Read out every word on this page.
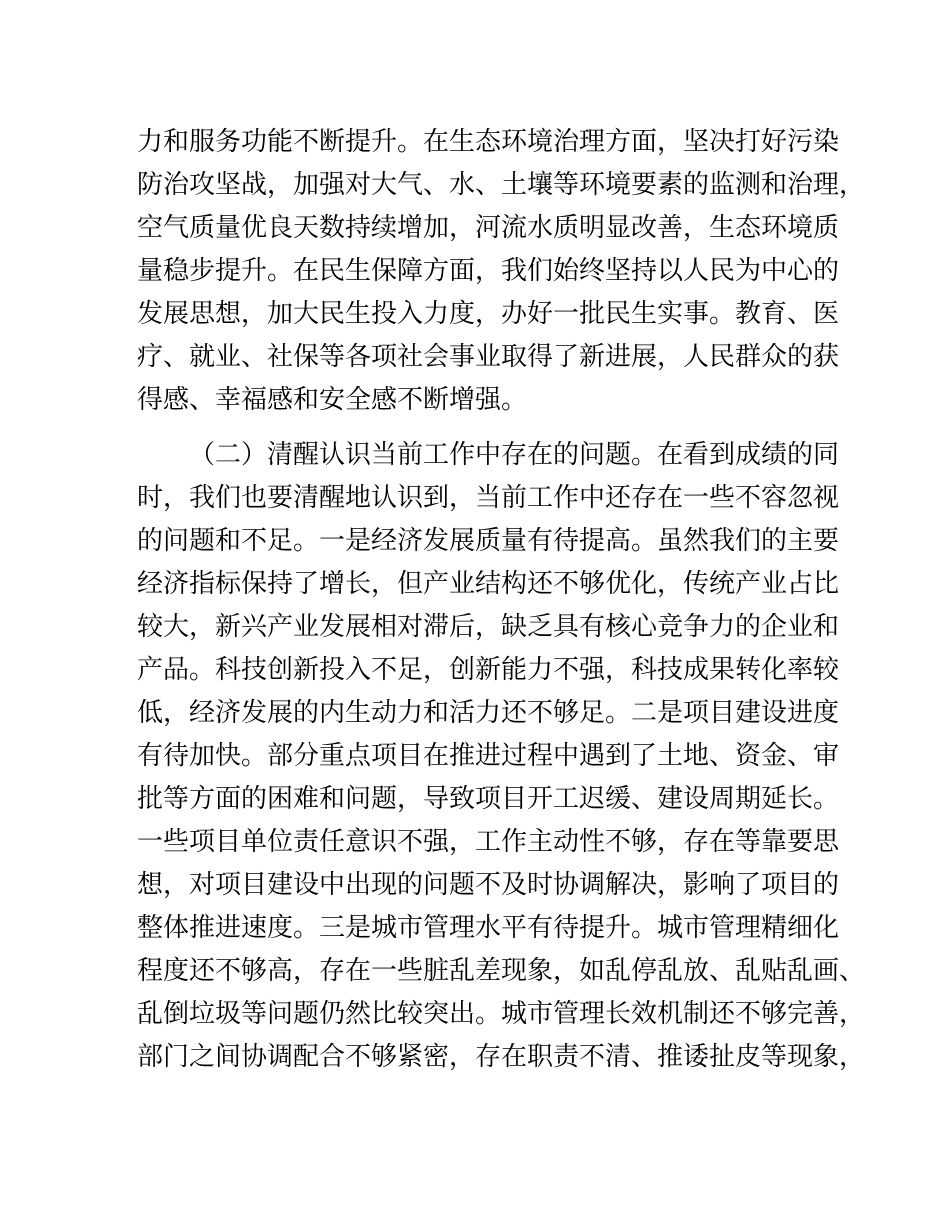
力和服务功能不断提升。在生态环境治理方面，坚决打好污染
防治攻坚战，加强对大气、水、土壤等环境要素的监测和治理，
空气质量优良天数持续增加，河流水质明显改善，生态环境质
量稳步提升。在民生保障方面，我们始终坚持以人民为中心的
发展思想，加大民生投入力度，办好一批民生实事。教育、医
疗、就业、社保等各项社会事业取得了新进展，人民群众的获
得感、幸福感和安全感不断增强。
（二）清醒认识当前工作中存在的问题。在看到成绩的同
时，我们也要清醒地认识到，当前工作中还存在一些不容忽视
的问题和不足。一是经济发展质量有待提高。虽然我们的主要
经济指标保持了增长，但产业结构还不够优化，传统产业占比
较大，新兴产业发展相对滞后，缺乏具有核心竞争力的企业和
产品。科技创新投入不足，创新能力不强，科技成果转化率较
低，经济发展的内生动力和活力还不够足。二是项目建设进度
有待加快。部分重点项目在推进过程中遇到了土地、资金、审
批等方面的困难和问题，导致项目开工迟缓、建设周期延长。
一些项目单位责任意识不强，工作主动性不够，存在等靠要思
想，对项目建设中出现的问题不及时协调解决，影响了项目的
整体推进速度。三是城市管理水平有待提升。城市管理精细化
程度还不够高，存在一些脏乱差现象，如乱停乱放、乱贴乱画、
乱倒垃圾等问题仍然比较突出。城市管理长效机制还不够完善，
部门之间协调配合不够紧密，存在职责不清、推诿扯皮等现象，
